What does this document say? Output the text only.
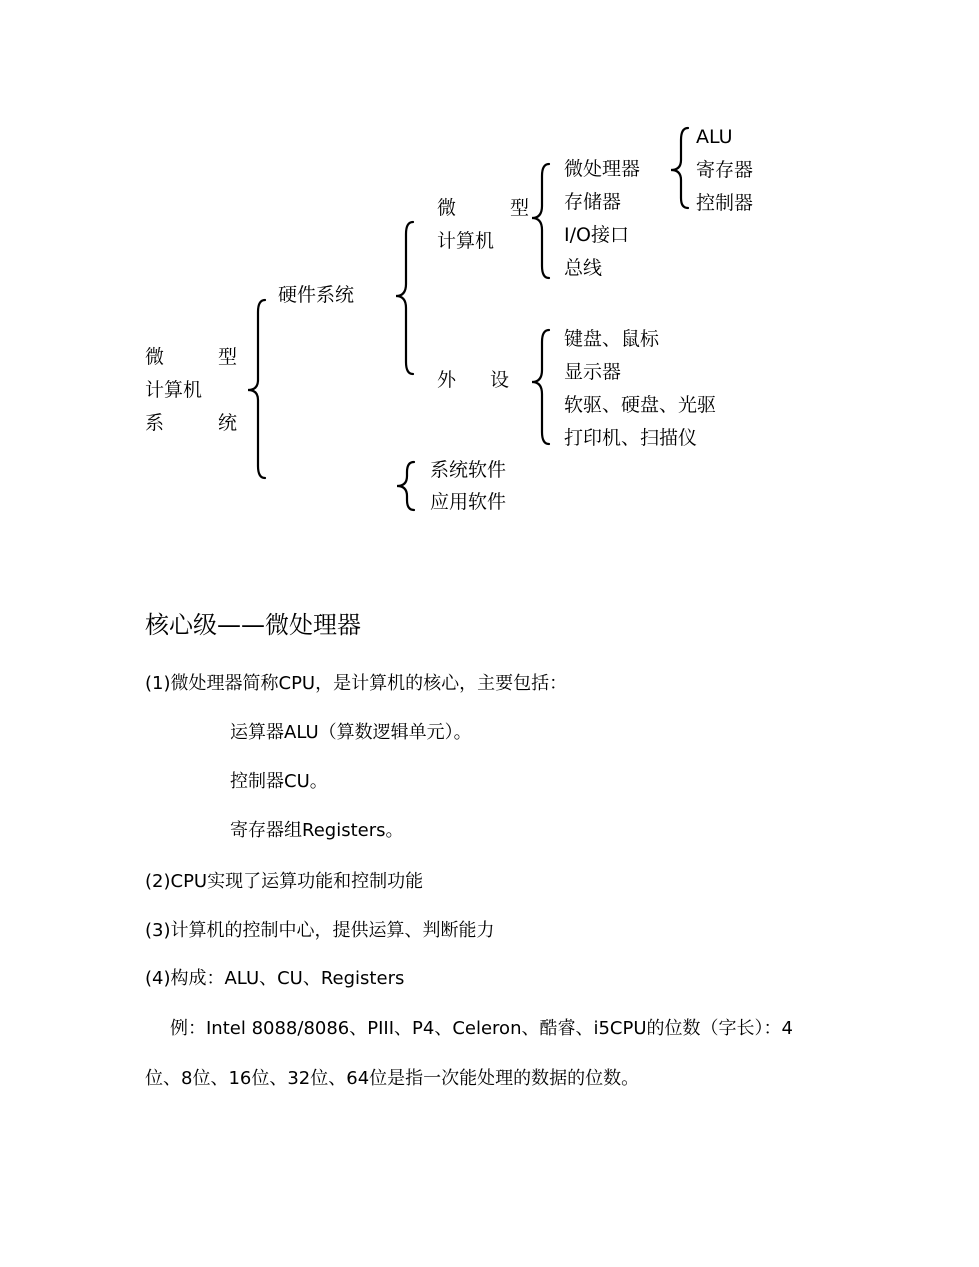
微 型
计算机
系 统
硬件系统
微 型
计算机
外 设
微处理器
存储器
I/O接口
总线
ALU
寄存器
控制器
键盘、鼠标
显示器
软驱、硬盘、光驱
打印机、扫描仪
系统软件
应用软件
核心级——微处理器
(1)微处理器简称CPU，是计算机的核心，主要包括：
运算器ALU（算数逻辑单元）。
控制器CU。
寄存器组Registers。
(2)CPU实现了运算功能和控制功能
(3)计算机的控制中心，提供运算、判断能力
(4)构成：ALU、CU、Registers
例：Intel 8088/8086、PIII、P4、Celeron、酷睿、i5CPU的位数（字长）：4
位、8位、16位、32位、64位是指一次能处理的数据的位数。
